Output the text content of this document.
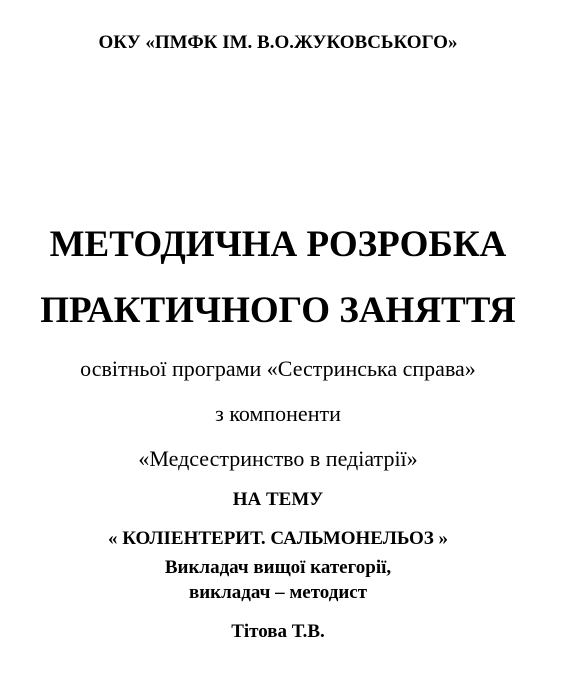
ОКУ «ПМФК ІМ. В.О.ЖУКОВСЬКОГО»
МЕТОДИЧНА РОЗРОБКА
ПРАКТИЧНОГО ЗАНЯТТЯ
освітньої програми «Сестринська справа»
з компоненти
«Медсестринство в педіатрії»
НА ТЕМУ
« КОЛІЕНТЕРИТ. САЛЬМОНЕЛЬОЗ »
Викладач вищої категорії,
викладач – методист
Тітова Т.В.
